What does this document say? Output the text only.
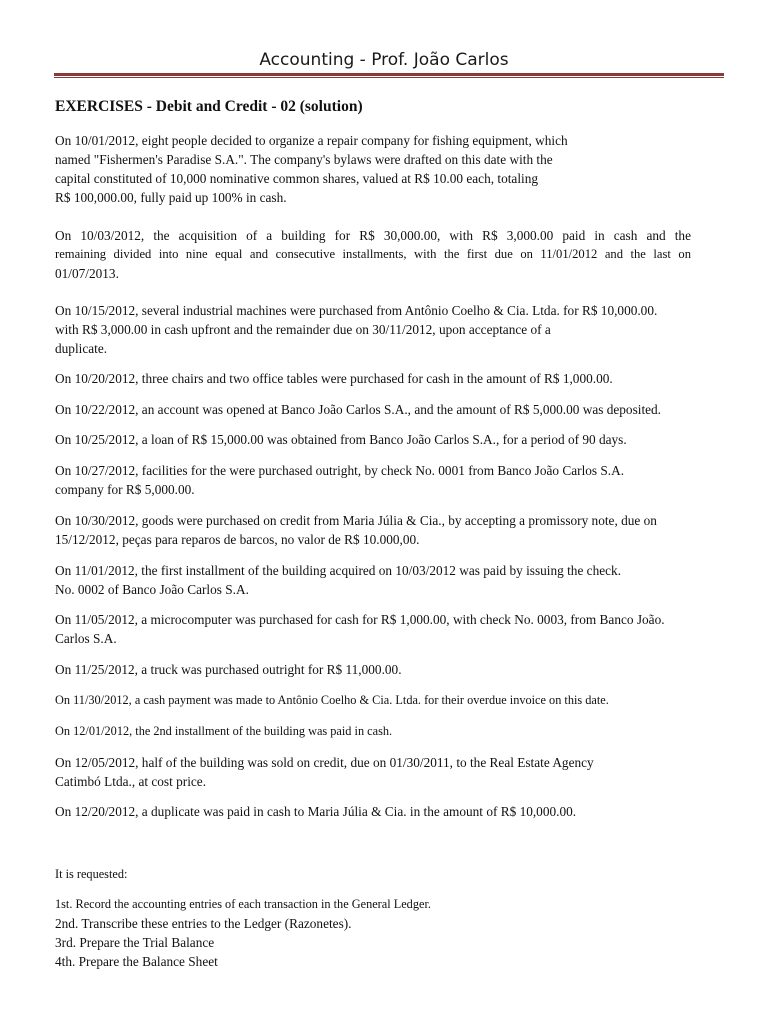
Accounting - Prof. João Carlos
EXERCISES - Debit and Credit - 02 (solution)
On 10/01/2012, eight people decided to organize a repair company for fishing equipment, which
named "Fishermen's Paradise S.A.". The company's bylaws were drafted on this date with the
capital constituted of 10,000 nominative common shares, valued at R$ 10.00 each, totaling
R$ 100,000.00, fully paid up 100% in cash.
On 10/03/2012, the acquisition of a building for R$ 30,000.00, with R$ 3,000.00 paid in cash and the
remaining divided into nine equal and consecutive installments, with the first due on 11/01/2012 and the last on
01/07/2013.
On 10/15/2012, several industrial machines were purchased from Antônio Coelho & Cia. Ltda. for R$ 10,000.00.
with R$ 3,000.00 in cash upfront and the remainder due on 30/11/2012, upon acceptance of a
duplicate.
On 10/20/2012, three chairs and two office tables were purchased for cash in the amount of R$ 1,000.00.
On 10/22/2012, an account was opened at Banco João Carlos S.A., and the amount of R$ 5,000.00 was deposited.
On 10/25/2012, a loan of R$ 15,000.00 was obtained from Banco João Carlos S.A., for a period of 90 days.
On 10/27/2012, facilities for the were purchased outright, by check No. 0001 from Banco João Carlos S.A.
company for R$ 5,000.00.
On 10/30/2012, goods were purchased on credit from Maria Júlia & Cia., by accepting a promissory note, due on
15/12/2012, peças para reparos de barcos, no valor de R$ 10.000,00.
On 11/01/2012, the first installment of the building acquired on 10/03/2012 was paid by issuing the check.
No. 0002 of Banco João Carlos S.A.
On 11/05/2012, a microcomputer was purchased for cash for R$ 1,000.00, with check No. 0003, from Banco João.
Carlos S.A.
On 11/25/2012, a truck was purchased outright for R$ 11,000.00.
On 11/30/2012, a cash payment was made to Antônio Coelho & Cia. Ltda. for their overdue invoice on this date.
On 12/01/2012, the 2nd installment of the building was paid in cash.
On 12/05/2012, half of the building was sold on credit, due on 01/30/2011, to the Real Estate Agency
Catimbó Ltda., at cost price.
On 12/20/2012, a duplicate was paid in cash to Maria Júlia & Cia. in the amount of R$ 10,000.00.
It is requested:
1st. Record the accounting entries of each transaction in the General Ledger.
2nd. Transcribe these entries to the Ledger (Razonetes).
3rd. Prepare the Trial Balance
4th. Prepare the Balance Sheet
